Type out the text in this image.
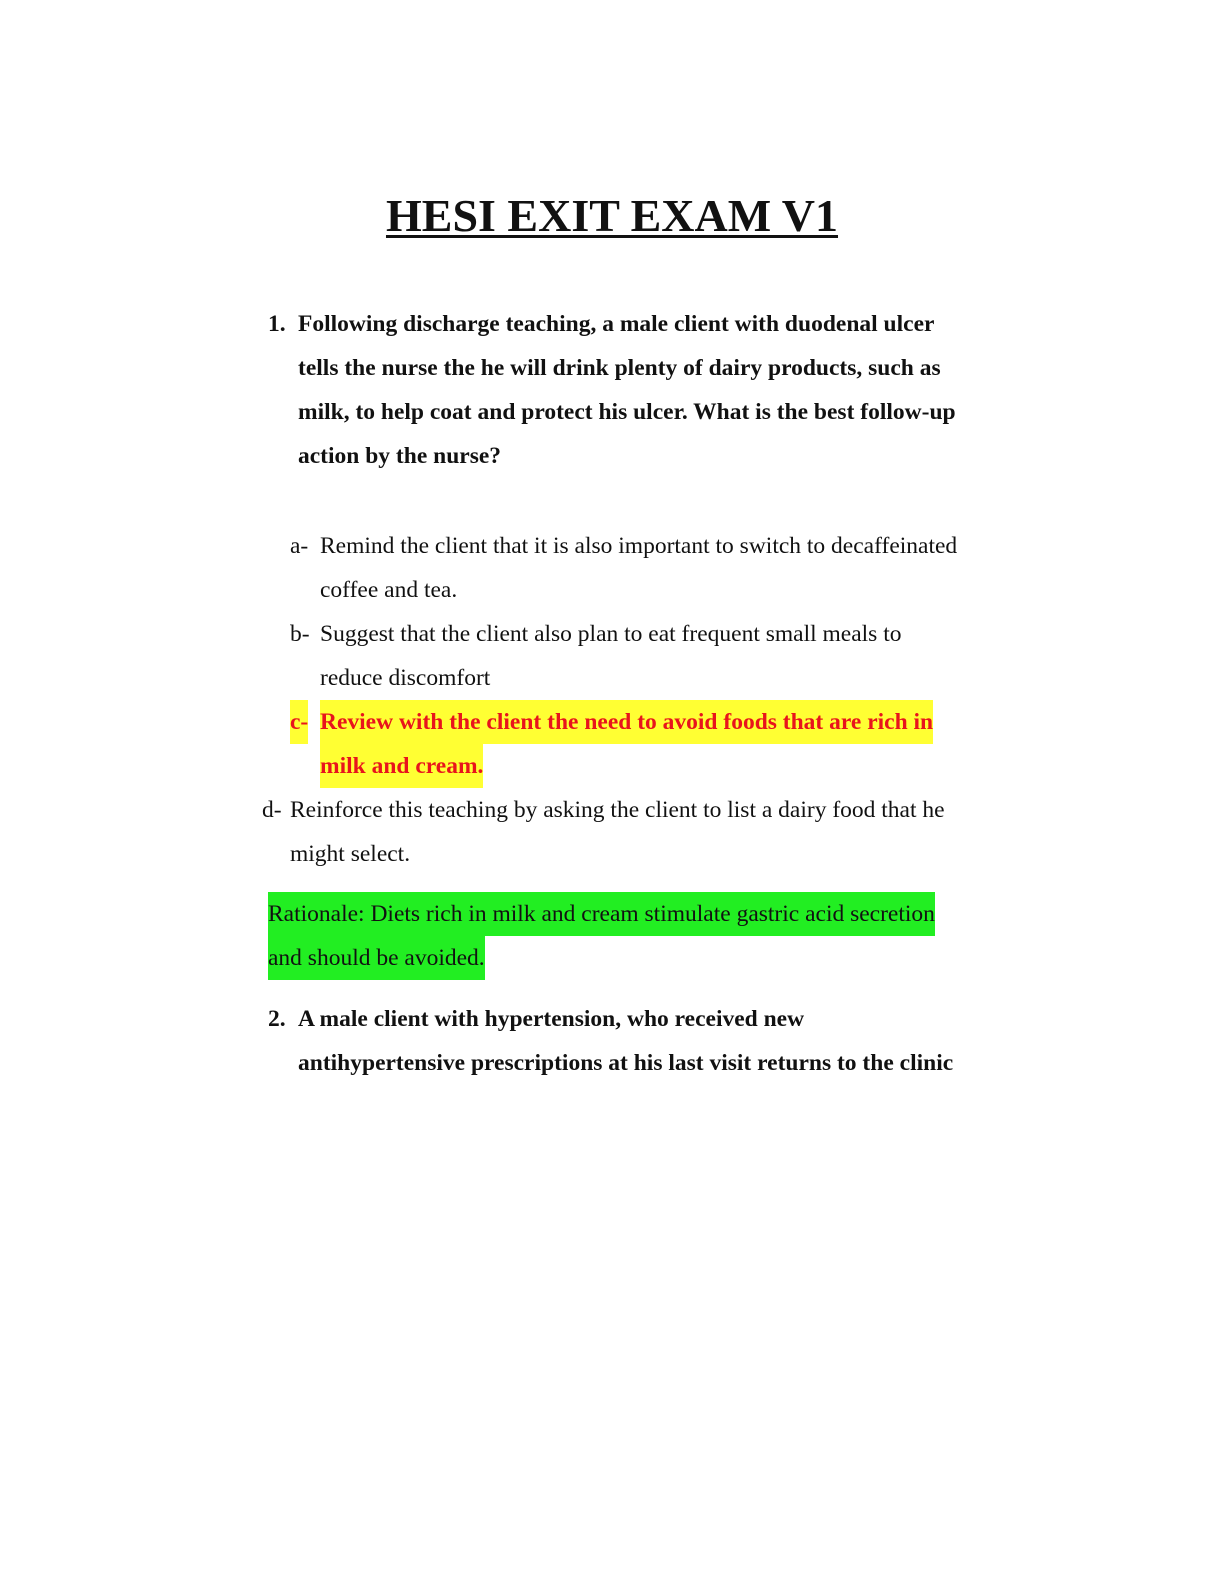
HESI EXIT EXAM V1
1. Following discharge teaching, a male client with duodenal ulcer
tells the nurse the he will drink plenty of dairy products, such as
milk, to help coat and protect his ulcer. What is the best follow-up
action by the nurse?
a- Remind the client that it is also important to switch to decaffeinated
coffee and tea.
b- Suggest that the client also plan to eat frequent small meals to
reduce discomfort
c- Review with the client the need to avoid foods that are rich in
milk and cream.
d- Reinforce this teaching by asking the client to list a dairy food that he
might select.
Rationale: Diets rich in milk and cream stimulate gastric acid secretion
and should be avoided.
2. A male client with hypertension, who received new
antihypertensive prescriptions at his last visit returns to the clinic
